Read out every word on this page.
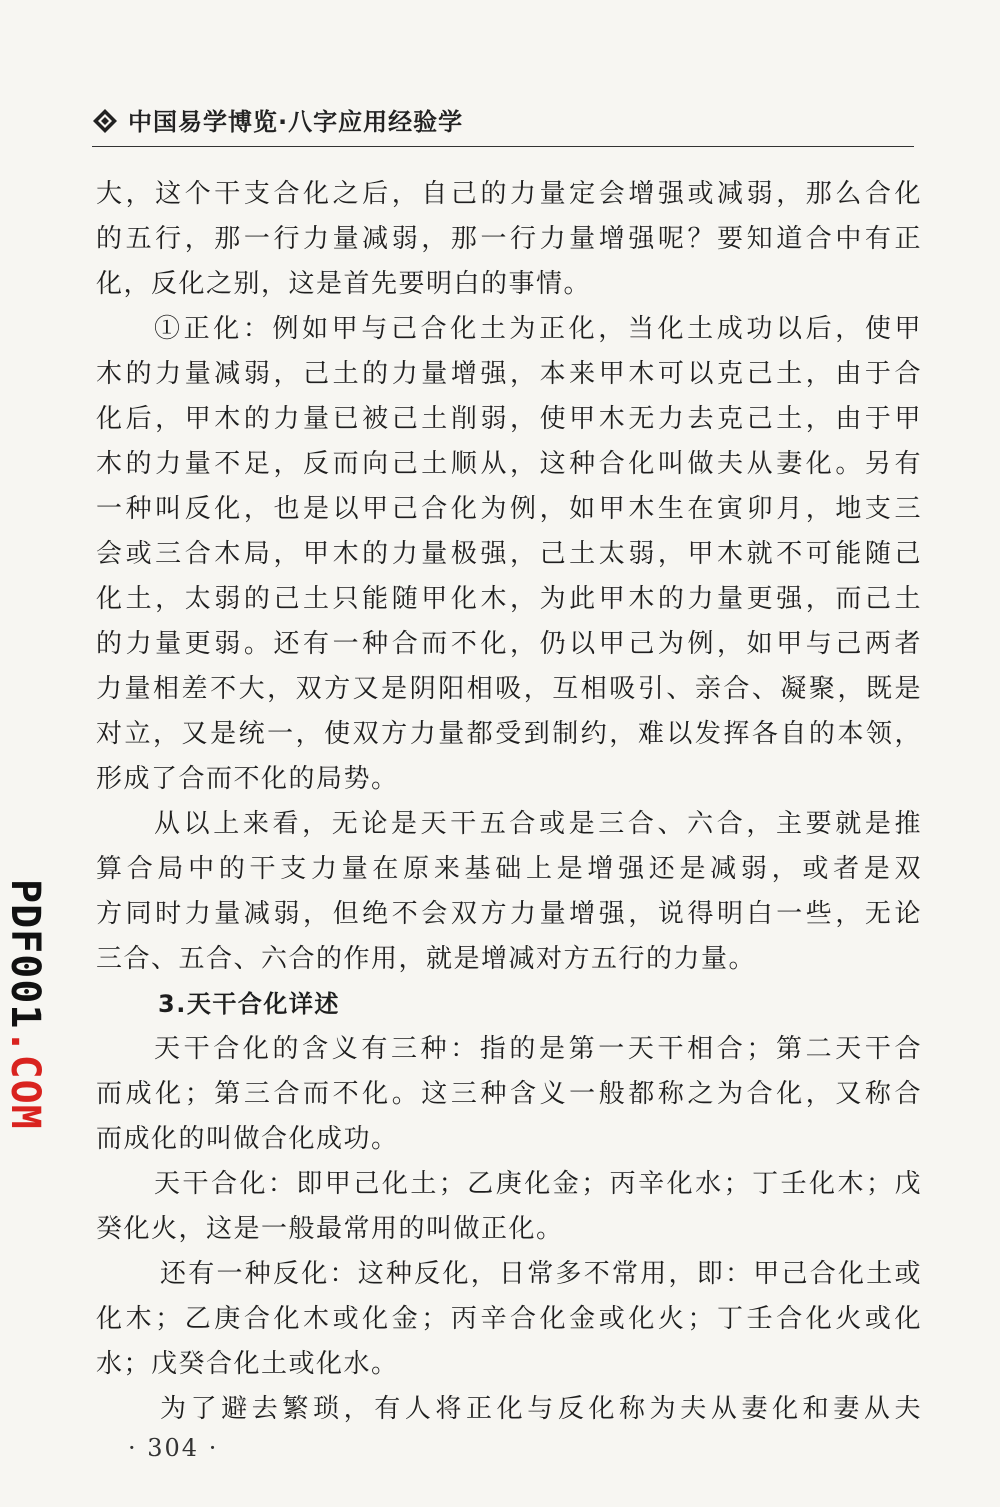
中国易学博览·八字应用经验学
大，这个干支合化之后，自己的力量定会增强或减弱，那么合化
的五行，那一行力量减弱，那一行力量增强呢？要知道合中有正
化，反化之别，这是首先要明白的事情。
①正化：例如甲与己合化土为正化，当化土成功以后，使甲
木的力量减弱，己土的力量增强，本来甲木可以克己土，由于合
化后，甲木的力量已被己土削弱，使甲木无力去克己土，由于甲
木的力量不足，反而向己土顺从，这种合化叫做夫从妻化。另有
一种叫反化，也是以甲己合化为例，如甲木生在寅卯月，地支三
会或三合木局，甲木的力量极强，己土太弱，甲木就不可能随己
化土，太弱的己土只能随甲化木，为此甲木的力量更强，而己土
的力量更弱。还有一种合而不化，仍以甲己为例，如甲与己两者
力量相差不大，双方又是阴阳相吸，互相吸引、亲合、凝聚，既是
对立，又是统一，使双方力量都受到制约，难以发挥各自的本领，
形成了合而不化的局势。
从以上来看，无论是天干五合或是三合、六合，主要就是推
算合局中的干支力量在原来基础上是增强还是减弱，或者是双
方同时力量减弱，但绝不会双方力量增强，说得明白一些，无论
三合、五合、六合的作用，就是增减对方五行的力量。
3.天干合化详述
天干合化的含义有三种：指的是第一天干相合；第二天干合
而成化；第三合而不化。这三种含义一般都称之为合化，又称合
而成化的叫做合化成功。
天干合化：即甲己化土；乙庚化金；丙辛化水；丁壬化木；戊
癸化火，这是一般最常用的叫做正化。
还有一种反化：这种反化，日常多不常用，即：甲己合化土或
化木；乙庚合化木或化金；丙辛合化金或化火；丁壬合化火或化
水；戊癸合化土或化水。
为了避去繁琐，有人将正化与反化称为夫从妻化和妻从夫
· 304 ·
PDF001.COM
